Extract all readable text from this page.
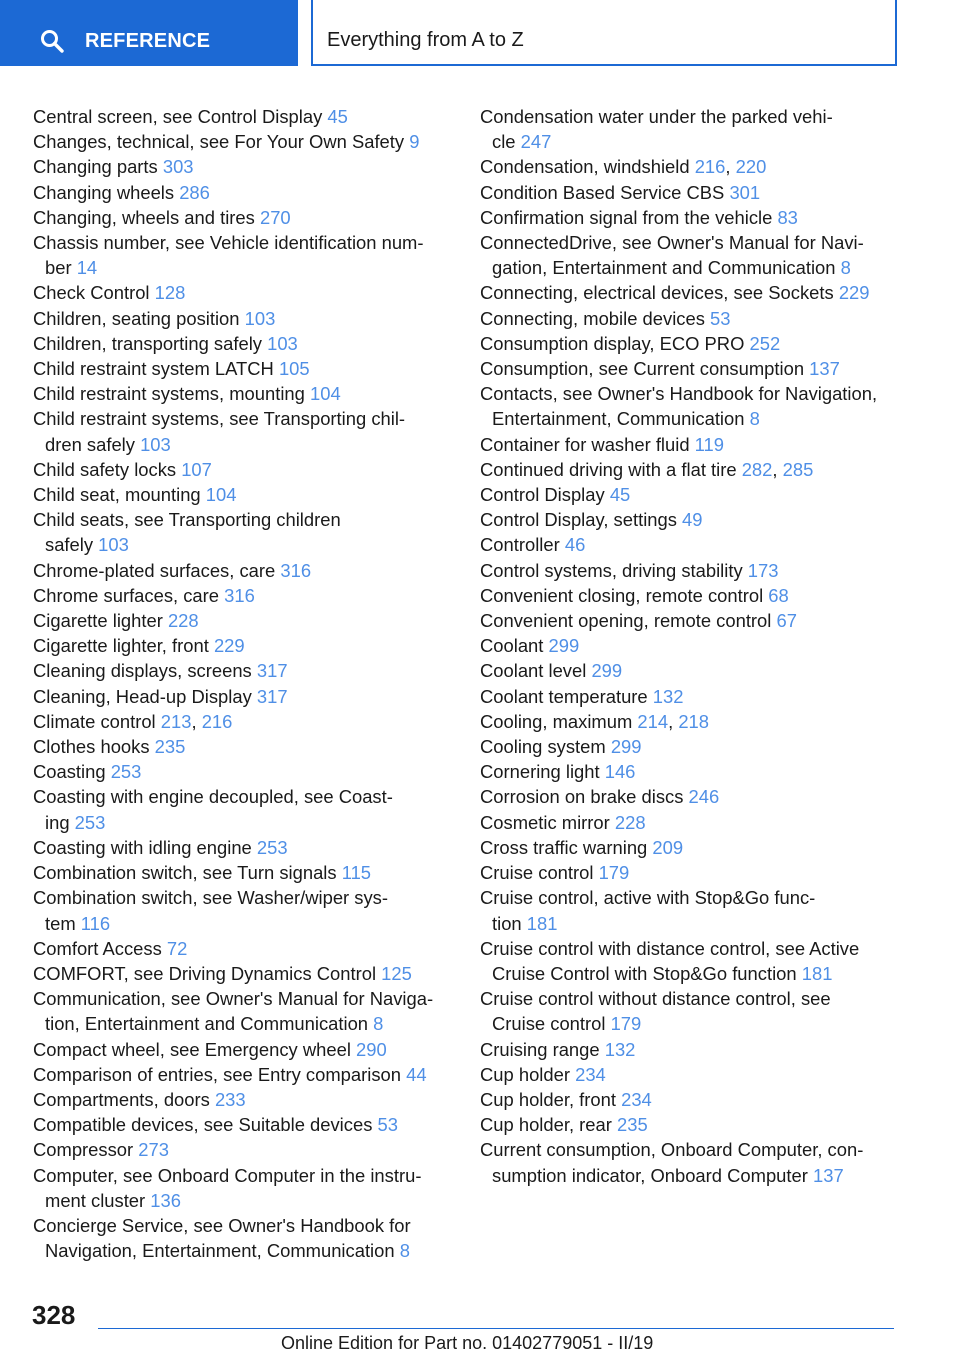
REFERENCE	Everything from A to Z
Central screen, see Control Display 45
Changes, technical, see For Your Own Safety 9
Changing parts 303
Changing wheels 286
Changing, wheels and tires 270
Chassis number, see Vehicle identification num‐
ber 14
Check Control 128
Children, seating position 103
Children, transporting safely 103
Child restraint system LATCH 105
Child restraint systems, mounting 104
Child restraint systems, see Transporting chil‐
dren safely 103
Child safety locks 107
Child seat, mounting 104
Child seats, see Transporting children
safely 103
Chrome-plated surfaces, care 316
Chrome surfaces, care 316
Cigarette lighter 228
Cigarette lighter, front 229
Cleaning displays, screens 317
Cleaning, Head-up Display 317
Climate control 213, 216
Clothes hooks 235
Coasting 253
Coasting with engine decoupled, see Coast‐
ing 253
Coasting with idling engine 253
Combination switch, see Turn signals 115
Combination switch, see Washer/wiper sys‐
tem 116
Comfort Access 72
COMFORT, see Driving Dynamics Control 125
Communication, see Owner's Manual for Naviga‐
tion, Entertainment and Communication 8
Compact wheel, see Emergency wheel 290
Comparison of entries, see Entry comparison 44
Compartments, doors 233
Compatible devices, see Suitable devices 53
Compressor 273
Computer, see Onboard Computer in the instru‐
ment cluster 136
Concierge Service, see Owner's Handbook for
Navigation, Entertainment, Communication 8
Condensation water under the parked vehi‐
cle 247
Condensation, windshield 216, 220
Condition Based Service CBS 301
Confirmation signal from the vehicle 83
ConnectedDrive, see Owner's Manual for Navi‐
gation, Entertainment and Communication 8
Connecting, electrical devices, see Sockets 229
Connecting, mobile devices 53
Consumption display, ECO PRO 252
Consumption, see Current consumption 137
Contacts, see Owner's Handbook for Navigation,
Entertainment, Communication 8
Container for washer fluid 119
Continued driving with a flat tire 282, 285
Control Display 45
Control Display, settings 49
Controller 46
Control systems, driving stability 173
Convenient closing, remote control 68
Convenient opening, remote control 67
Coolant 299
Coolant level 299
Coolant temperature 132
Cooling, maximum 214, 218
Cooling system 299
Cornering light 146
Corrosion on brake discs 246
Cosmetic mirror 228
Cross traffic warning 209
Cruise control 179
Cruise control, active with Stop&Go func‐
tion 181
Cruise control with distance control, see Active
Cruise Control with Stop&Go function 181
Cruise control without distance control, see
Cruise control 179
Cruising range 132
Cup holder 234
Cup holder, front 234
Cup holder, rear 235
Current consumption, Onboard Computer, con‐
sumption indicator, Onboard Computer 137
328
Online Edition for Part no. 01402779051 - II/19
